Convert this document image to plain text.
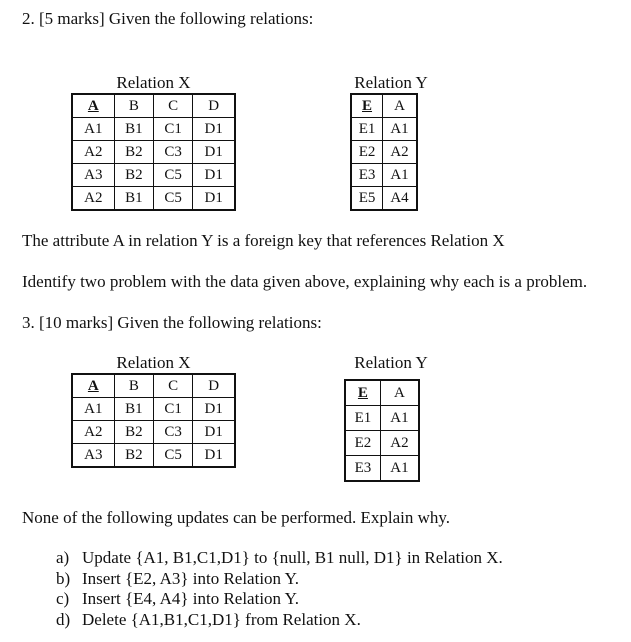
2. [5 marks] Given the following relations:
Relation X
A	B	C	D
A1	B1	C1	D1
A2	B2	C3	D1
A3	B2	C5	D1
A2	B1	C5	D1
Relation Y
E	A
E1	A1
E2	A2
E3	A1
E5	A4
The attribute A in relation Y is a foreign key that references Relation X
Identify two problem with the data given above, explaining why each is a problem.
3. [10 marks] Given the following relations:
Relation X
A	B	C	D
A1	B1	C1	D1
A2	B2	C3	D1
A3	B2	C5	D1
Relation Y
E	A
E1	A1
E2	A2
E3	A1
None of the following updates can be performed. Explain why.
a) Update {A1, B1,C1,D1} to {null, B1 null, D1} in Relation X.
b) Insert {E2, A3} into Relation Y.
c) Insert {E4, A4} into Relation Y.
d) Delete {A1,B1,C1,D1} from Relation X.
